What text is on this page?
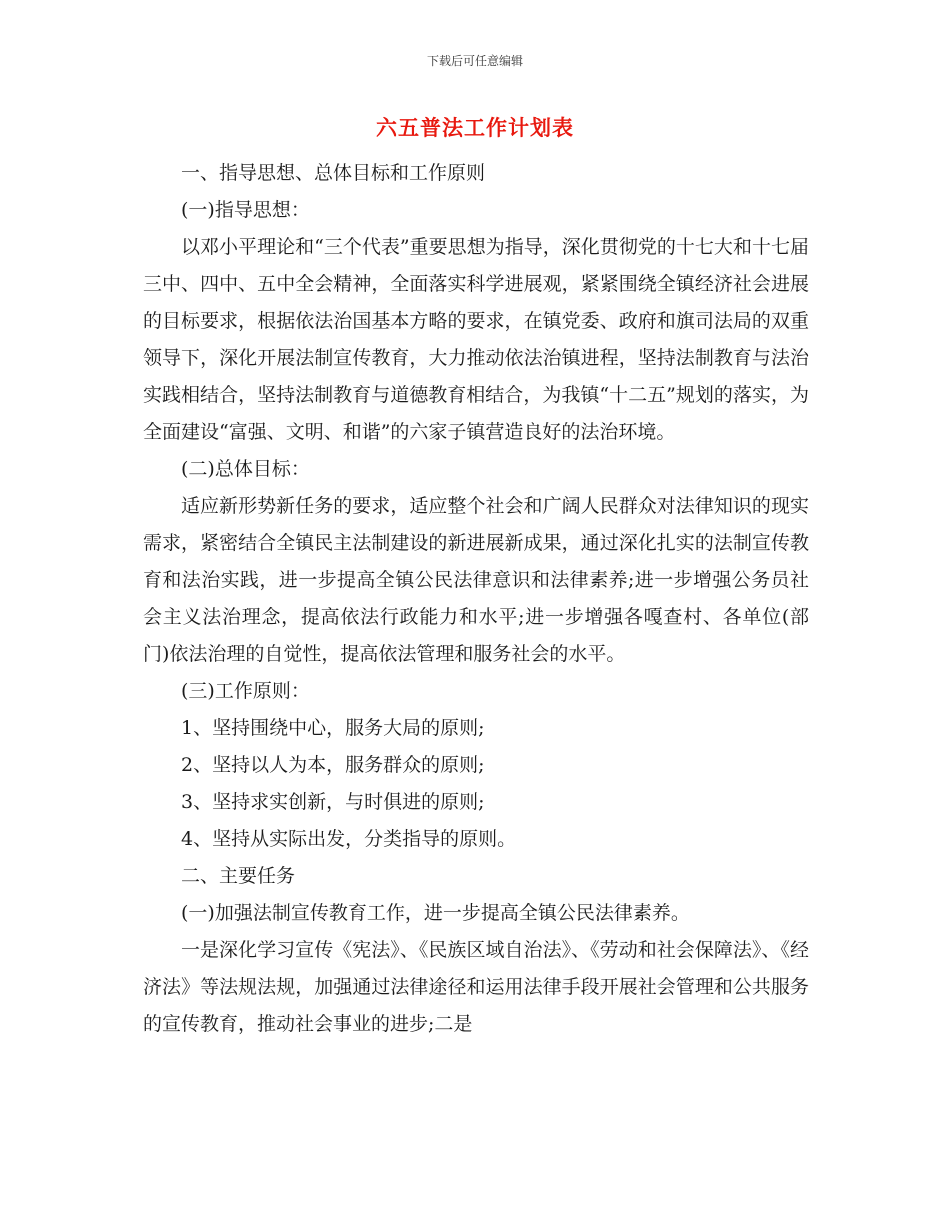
下载后可任意编辑
六五普法工作计划表

一、指导思想、总体目标和工作原则

(一)指导思想：

以邓小平理论和“三个代表”重要思想为指导，深化贯彻党的十七大和十七届三中、四中、五中全会精神，全面落实科学进展观，紧紧围绕全镇经济社会进展的目标要求，根据依法治国基本方略的要求，在镇党委、政府和旗司法局的双重领导下，深化开展法制宣传教育，大力推动依法治镇进程，坚持法制教育与法治实践相结合，坚持法制教育与道德教育相结合，为我镇“十二五”规划的落实，为全面建设“富强、文明、和谐”的六家子镇营造良好的法治环境。

(二)总体目标：

适应新形势新任务的要求，适应整个社会和广阔人民群众对法律知识的现实需求，紧密结合全镇民主法制建设的新进展新成果，通过深化扎实的法制宣传教育和法治实践，进一步提高全镇公民法律意识和法律素养;进一步增强公务员社会主义法治理念，提高依法行政能力和水平;进一步增强各嘎查村、各单位(部门)依法治理的自觉性，提高依法管理和服务社会的水平。

(三)工作原则：

1、坚持围绕中心，服务大局的原则;

2、坚持以人为本，服务群众的原则;

3、坚持求实创新，与时俱进的原则;

4、坚持从实际出发，分类指导的原则。

二、主要任务

(一)加强法制宣传教育工作，进一步提高全镇公民法律素养。

一是深化学习宣传《宪法》、《民族区域自治法》、《劳动和社会保障法》、《经济法》等法规法规，加强通过法律途径和运用法律手段开展社会管理和公共服务的宣传教育，推动社会事业的进步;二是
